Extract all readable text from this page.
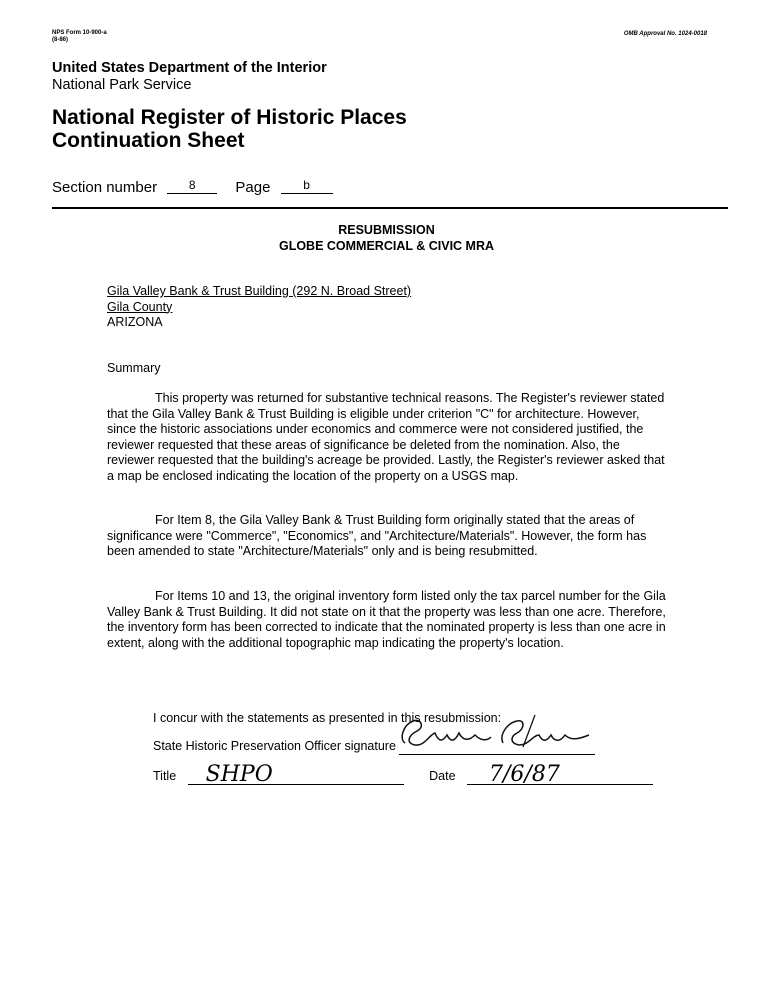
NPS Form 10-900-a
(8-86)
OMB Approval No. 1024-0018
United States Department of the Interior
National Park Service
National Register of Historic Places
Continuation Sheet
Section number	8	Page	b
RESUBMISSION
GLOBE COMMERCIAL & CIVIC MRA
Gila Valley Bank & Trust Building (292 N. Broad Street)
Gila County
ARIZONA
Summary

This property was returned for substantive technical reasons. The Register's reviewer stated that the Gila Valley Bank & Trust Building is eligible under criterion "C" for architecture. However, since the historic associations under economics and commerce were not considered justified, the reviewer requested that these areas of significance be deleted from the nomination. Also, the reviewer requested that the building's acreage be provided. Lastly, the Register's reviewer asked that a map be enclosed indicating the location of the property on a USGS map.

For Item 8, the Gila Valley Bank & Trust Building form originally stated that the areas of significance were "Commerce", "Economics", and "Architecture/Materials". However, the form has been amended to state "Architecture/Materials" only and is being resubmitted.

For Items 10 and 13, the original inventory form listed only the tax parcel number for the Gila Valley Bank & Trust Building. It did not state on it that the property was less than one acre. Therefore, the inventory form has been corrected to indicate that the nominated property is less than one acre in extent, along with the additional topographic map indicating the property's location.

I concur with the statements as presented in this resubmission:
State Historic Preservation Officer signature
Title SHPO	Date 7/6/87
